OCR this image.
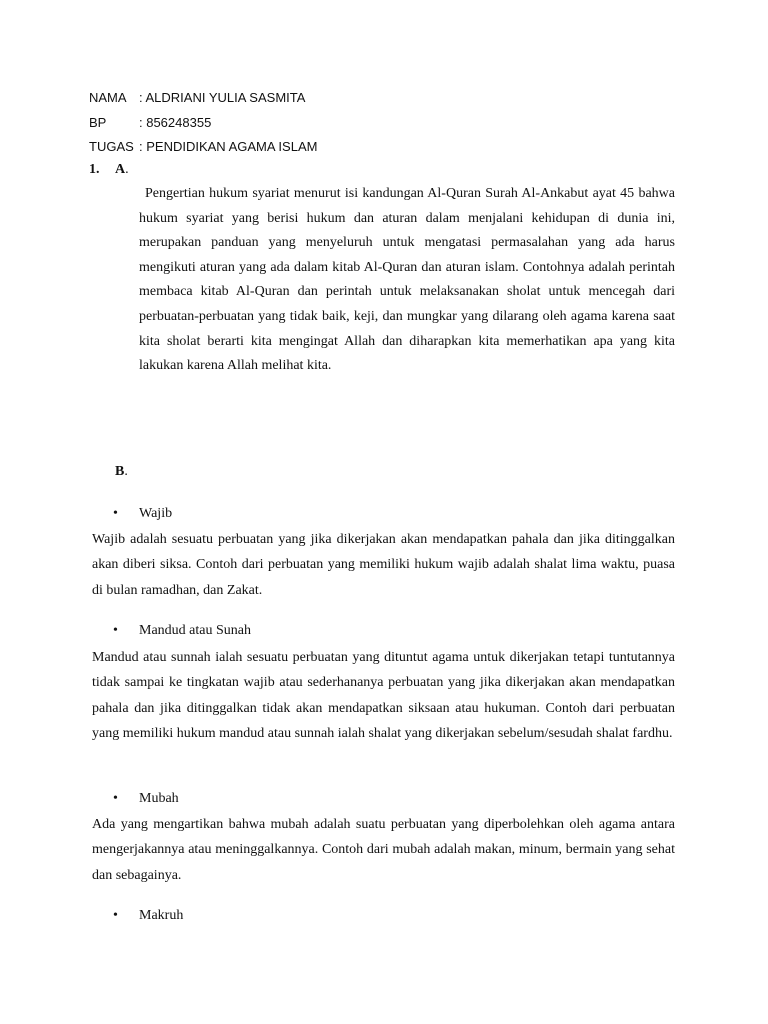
NAMA : ALDRIANI YULIA SASMITA
BP	: 856248355
TUGAS : PENDIDIKAN AGAMA ISLAM
1. A.
Pengertian hukum syariat menurut isi kandungan Al-Quran Surah Al-Ankabut ayat 45 bahwa hukum syariat yang berisi hukum dan aturan dalam menjalani kehidupan di dunia ini, merupakan panduan yang menyeluruh untuk mengatasi permasalahan yang ada harus mengikuti aturan yang ada dalam kitab Al-Quran dan aturan islam. Contohnya adalah perintah membaca kitab Al-Quran dan perintah untuk melaksanakan sholat untuk mencegah dari perbuatan-perbuatan yang tidak baik, keji, dan mungkar yang dilarang oleh agama karena saat kita sholat berarti kita mengingat Allah dan diharapkan kita memerhatikan apa yang kita lakukan karena Allah melihat kita.
B.
• Wajib
Wajib adalah sesuatu perbuatan yang jika dikerjakan akan mendapatkan pahala dan jika ditinggalkan akan diberi siksa. Contoh dari perbuatan yang memiliki hukum wajib adalah shalat lima waktu, puasa di bulan ramadhan, dan Zakat.
• Mandud atau Sunah
Mandud atau sunnah ialah sesuatu perbuatan yang dituntut agama untuk dikerjakan tetapi tuntutannya tidak sampai ke tingkatan wajib atau sederhananya perbuatan yang jika dikerjakan akan mendapatkan pahala dan jika ditinggalkan tidak akan mendapatkan siksaan atau hukuman. Contoh dari perbuatan yang memiliki hukum mandud atau sunnah ialah shalat yang dikerjakan sebelum/sesudah shalat fardhu.
• Mubah
Ada yang mengartikan bahwa mubah adalah suatu perbuatan yang diperbolehkan oleh agama antara mengerjakannya atau meninggalkannya. Contoh dari mubah adalah makan, minum, bermain yang sehat dan sebagainya.
• Makruh
